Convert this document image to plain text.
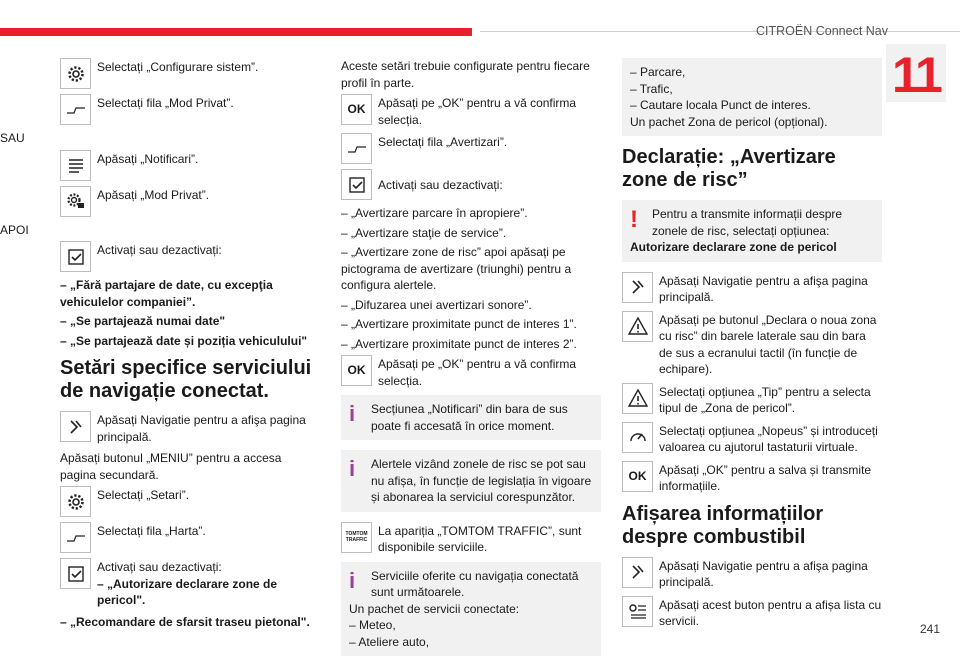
CITROËN Connect Nav
11
Selectați „Configurare sistem”.
Selectați fila „Mod Privat”.

SAU

Apăsați „Notificari”.
Apăsați „Mod Privat”.

APOI

Activați sau dezactivați:

– „Fără partajare de date, cu excepţia vehiculelor companiei”.

– „Se partajează numai date"

– „Se partajează date și poziția vehiculului"

Setări specifice serviciului de navigație conectat.
Apăsați Navigatie pentru a afişa pagina principală.

Apăsați butonul „MENIU” pentru a accesa pagina secundară.

Selectați „Setari”.
Selectați fila „Harta”.
Activați sau dezactivați:
– „Autorizare declarare zone de pericol".

– „Recomandare de sfarsit traseu pietonal".

Aceste setări trebuie configurate pentru fiecare profil în parte.

OK	Apăsați pe „OK” pentru a vă confirma selecția.
Selectați fila „Avertizari”.
Activați sau dezactivați:

– „Avertizare parcare în apropiere”.

– „Avertizare staţie de service”.

– „Avertizare zone de risc” apoi apăsați pe pictograma de avertizare (triunghi) pentru a configura alertele.

– „Difuzarea unei avertizari sonore”.

– „Avertizare proximitate punct de interes 1”.

– „Avertizare proximitate punct de interes 2”.

OK	Apăsați pe „OK” pentru a vă confirma selecția.
i	Secțiunea „Notificari” din bara de sus poate fi accesată în orice moment.
i	Alertele vizând zonele de risc se pot sau nu afișa, în funcție de legislația în vigoare și abonarea la serviciul corespunzător.
TOMTOM TRAFFIC
La apariția „TOMTOM TRAFFIC”, sunt disponibile serviciile.
i	Serviciile oferite cu navigația conectată sunt următoarele.
Un pachet de servicii conectate:
– Meteo,
– Ateliere auto,
– Parcare,
– Trafic,
– Cautare locala Punct de interes.
Un pachet Zona de pericol (opțional).
Declarație: „Avertizare zone de risc”
!	Pentru a transmite informații despre zonele de risc, selectați opțiunea:
Autorizare declarare zone de pericol
Apăsați Navigatie pentru a afişa pagina principală.
Apăsați pe butonul „Declara o noua zona cu risc” din barele laterale sau din bara de sus a ecranului tactil (în funcție de echipare).
Selectați opțiunea „Tip” pentru a selecta tipul de „Zona de pericol”.
Selectați opțiunea „Nopeus” și introduceți valoarea cu ajutorul tastaturii virtuale.
OK	Apăsați „OK” pentru a salva și transmite informațiile.
Afișarea informațiilor despre combustibil
Apăsați Navigatie pentru a afişa pagina principală.
Apăsați acest buton pentru a afișa lista cu servicii.
241
